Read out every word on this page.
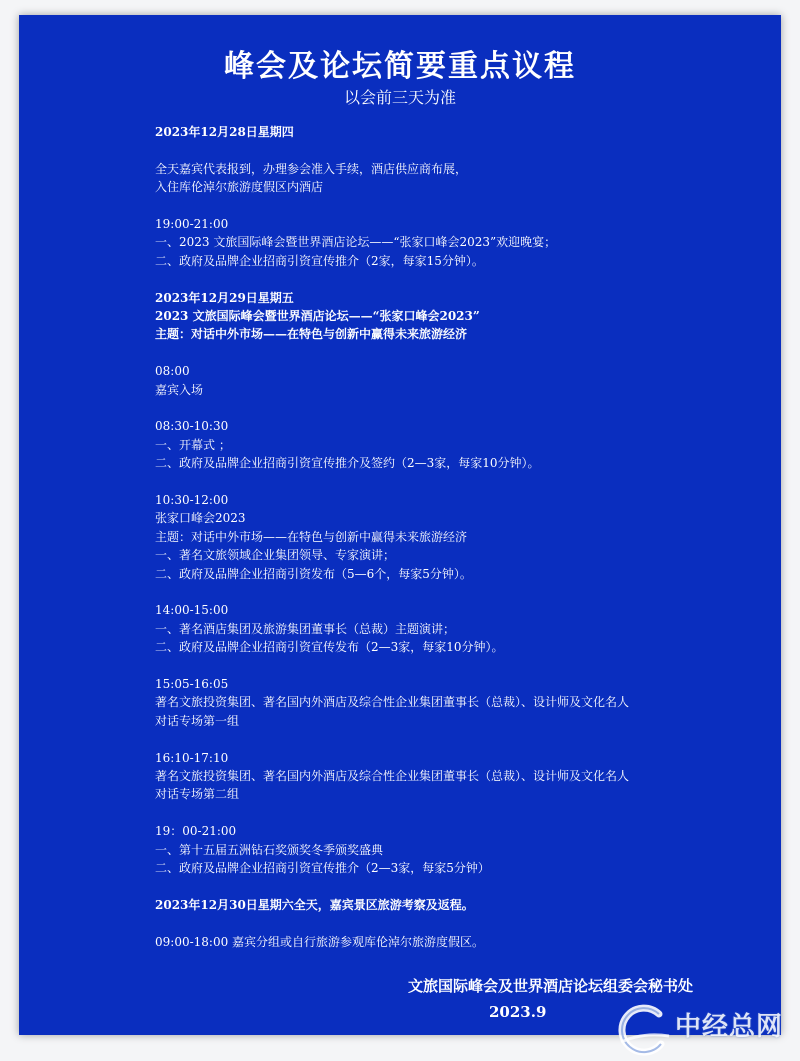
峰会及论坛简要重点议程
以会前三天为准
2023年12月28日星期四
全天嘉宾代表报到，办理参会准入手续，酒店供应商布展，
入住库伦淖尔旅游度假区内酒店
19:00-21:00
一、2023 文旅国际峰会暨世界酒店论坛——“张家口峰会2023”欢迎晚宴；
二、政府及品牌企业招商引资宣传推介（2家，每家15分钟）。
2023年12月29日星期五
2023 文旅国际峰会暨世界酒店论坛——“张家口峰会2023”
主题：对话中外市场——在特色与创新中赢得未来旅游经济
08:00
嘉宾入场
08:30-10:30
一、开幕式 ；
二、政府及品牌企业招商引资宣传推介及签约（2—3家，每家10分钟）。
10:30-12:00
张家口峰会2023
主题：对话中外市场——在特色与创新中赢得未来旅游经济
一、著名文旅领域企业集团领导、专家演讲；
二、政府及品牌企业招商引资发布（5—6个，每家5分钟）。
14:00-15:00
一、著名酒店集团及旅游集团董事长（总裁）主题演讲；
二、政府及品牌企业招商引资宣传发布（2—3家，每家10分钟）。
15:05-16:05
著名文旅投资集团、著名国内外酒店及综合性企业集团董事长（总裁）、设计师及文化名人
对话专场第一组
16:10-17:10
著名文旅投资集团、著名国内外酒店及综合性企业集团董事长（总裁）、设计师及文化名人
对话专场第二组
19：00-21:00
一、第十五届五洲钻石奖颁奖冬季颁奖盛典
二、政府及品牌企业招商引资宣传推介（2—3家，每家5分钟）
2023年12月30日星期六全天，嘉宾景区旅游考察及返程。
09:00-18:00 嘉宾分组或自行旅游参观库伦淖尔旅游度假区。
文旅国际峰会及世界酒店论坛组委会秘书处
2023.9	中经总网
